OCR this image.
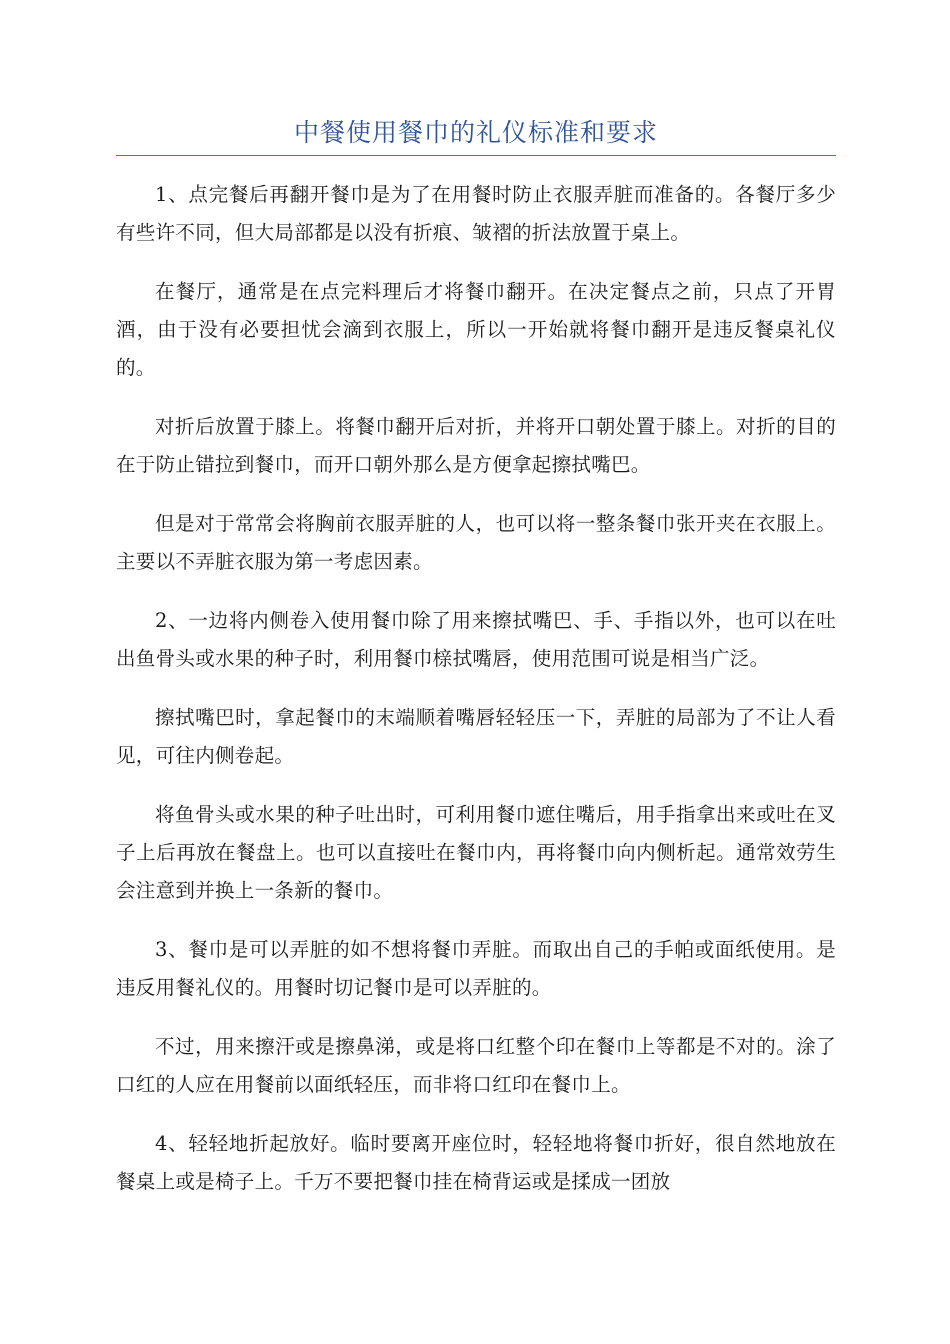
中餐使用餐巾的礼仪标准和要求

1、点完餐后再翻开餐巾是为了在用餐时防止衣服弄脏而准备的。各餐厅多少有些许不同，但大局部都是以没有折痕、皱褶的折法放置于桌上。

在餐厅，通常是在点完料理后才将餐巾翻开。在决定餐点之前，只点了开胃酒，由于没有必要担忧会滴到衣服上，所以一开始就将餐巾翻开是违反餐桌礼仪的。

对折后放置于膝上。将餐巾翻开后对折，并将开口朝处置于膝上。对折的目的在于防止错拉到餐巾，而开口朝外那么是方便拿起擦拭嘴巴。

但是对于常常会将胸前衣服弄脏的人，也可以将一整条餐巾张开夹在衣服上。主要以不弄脏衣服为第一考虑因素。

2、一边将内侧卷入使用餐巾除了用来擦拭嘴巴、手、手指以外，也可以在吐出鱼骨头或水果的种子时，利用餐巾榇拭嘴唇，使用范围可说是相当广泛。

擦拭嘴巴时，拿起餐巾的末端顺着嘴唇轻轻压一下，弄脏的局部为了不让人看见，可往内侧卷起。

将鱼骨头或水果的种子吐出时，可利用餐巾遮住嘴后，用手指拿出来或吐在叉子上后再放在餐盘上。也可以直接吐在餐巾内，再将餐巾向内侧析起。通常效劳生会注意到并换上一条新的餐巾。

3、餐巾是可以弄脏的如不想将餐巾弄脏。而取出自己的手帕或面纸使用。是违反用餐礼仪的。用餐时切记餐巾是可以弄脏的。

不过，用来擦汗或是擦鼻涕，或是将口红整个印在餐巾上等都是不对的。涂了口红的人应在用餐前以面纸轻压，而非将口红印在餐巾上。

4、轻轻地折起放好。临时要离开座位时，轻轻地将餐巾折好，很自然地放在餐桌上或是椅子上。千万不要把餐巾挂在椅背运或是揉成一团放
